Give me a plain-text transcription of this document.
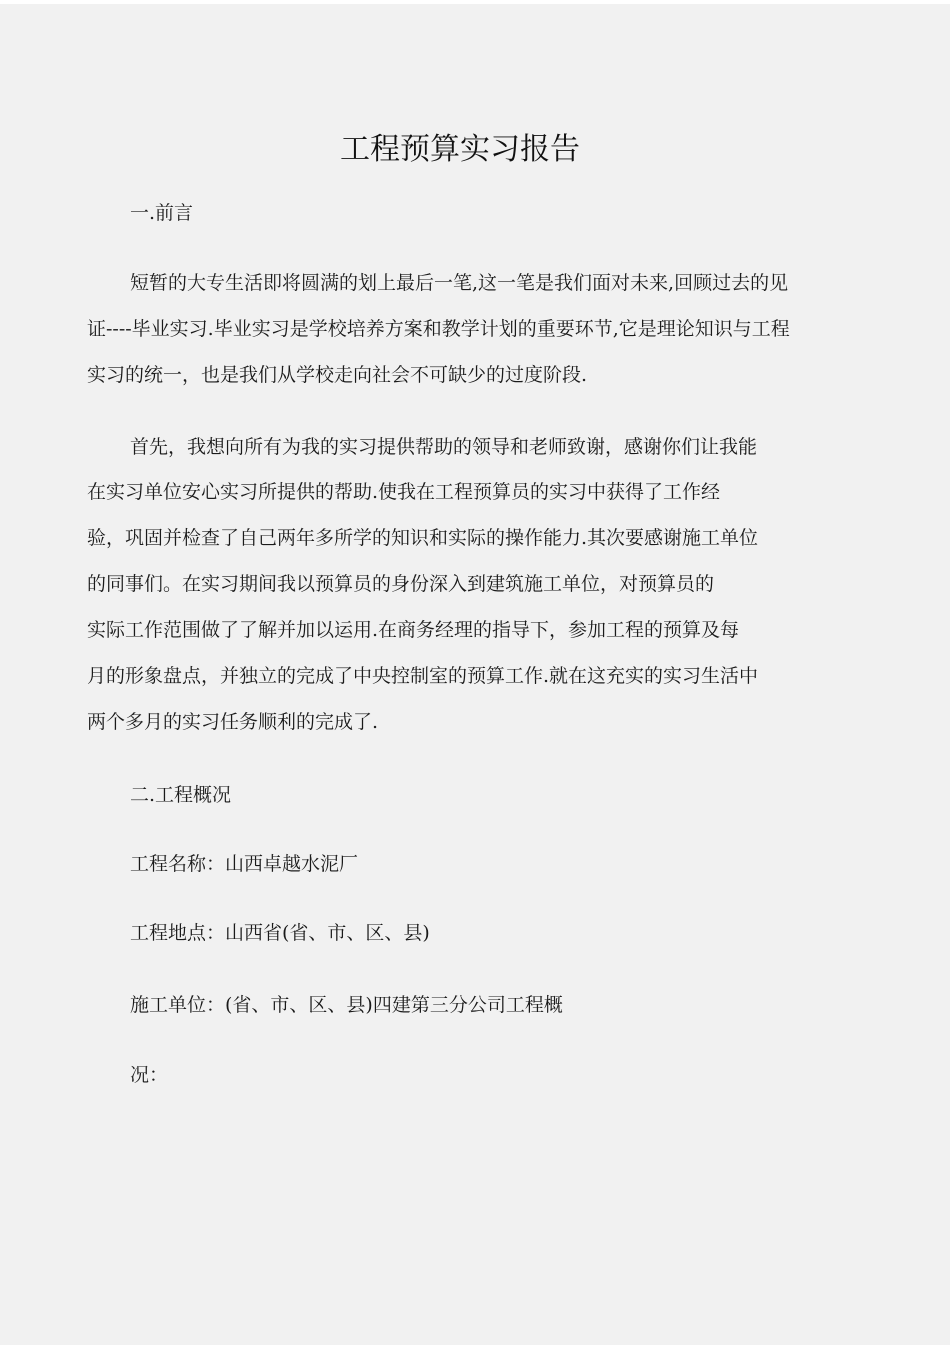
工程预算实习报告
一.前言
短暂的大专生活即将圆满的划上最后一笔,这一笔是我们面对未来,回顾过去的见
证----毕业实习.毕业实习是学校培养方案和教学计划的重要环节,它是理论知识与工程
实习的统一，也是我们从学校走向社会不可缺少的过度阶段.
首先，我想向所有为我的实习提供帮助的领导和老师致谢，感谢你们让我能
在实习单位安心实习所提供的帮助.使我在工程预算员的实习中获得了工作经
验，巩固并检查了自己两年多所学的知识和实际的操作能力.其次要感谢施工单位
的同事们。在实习期间我以预算员的身份深入到建筑施工单位，对预算员的
实际工作范围做了了解并加以运用.在商务经理的指导下，参加工程的预算及每
月的形象盘点，并独立的完成了中央控制室的预算工作.就在这充实的实习生活中
两个多月的实习任务顺利的完成了.
二.工程概况
工程名称：山西卓越水泥厂
工程地点：山西省(省、市、区、县)
施工单位：(省、市、区、县)四建第三分公司工程概
况：
